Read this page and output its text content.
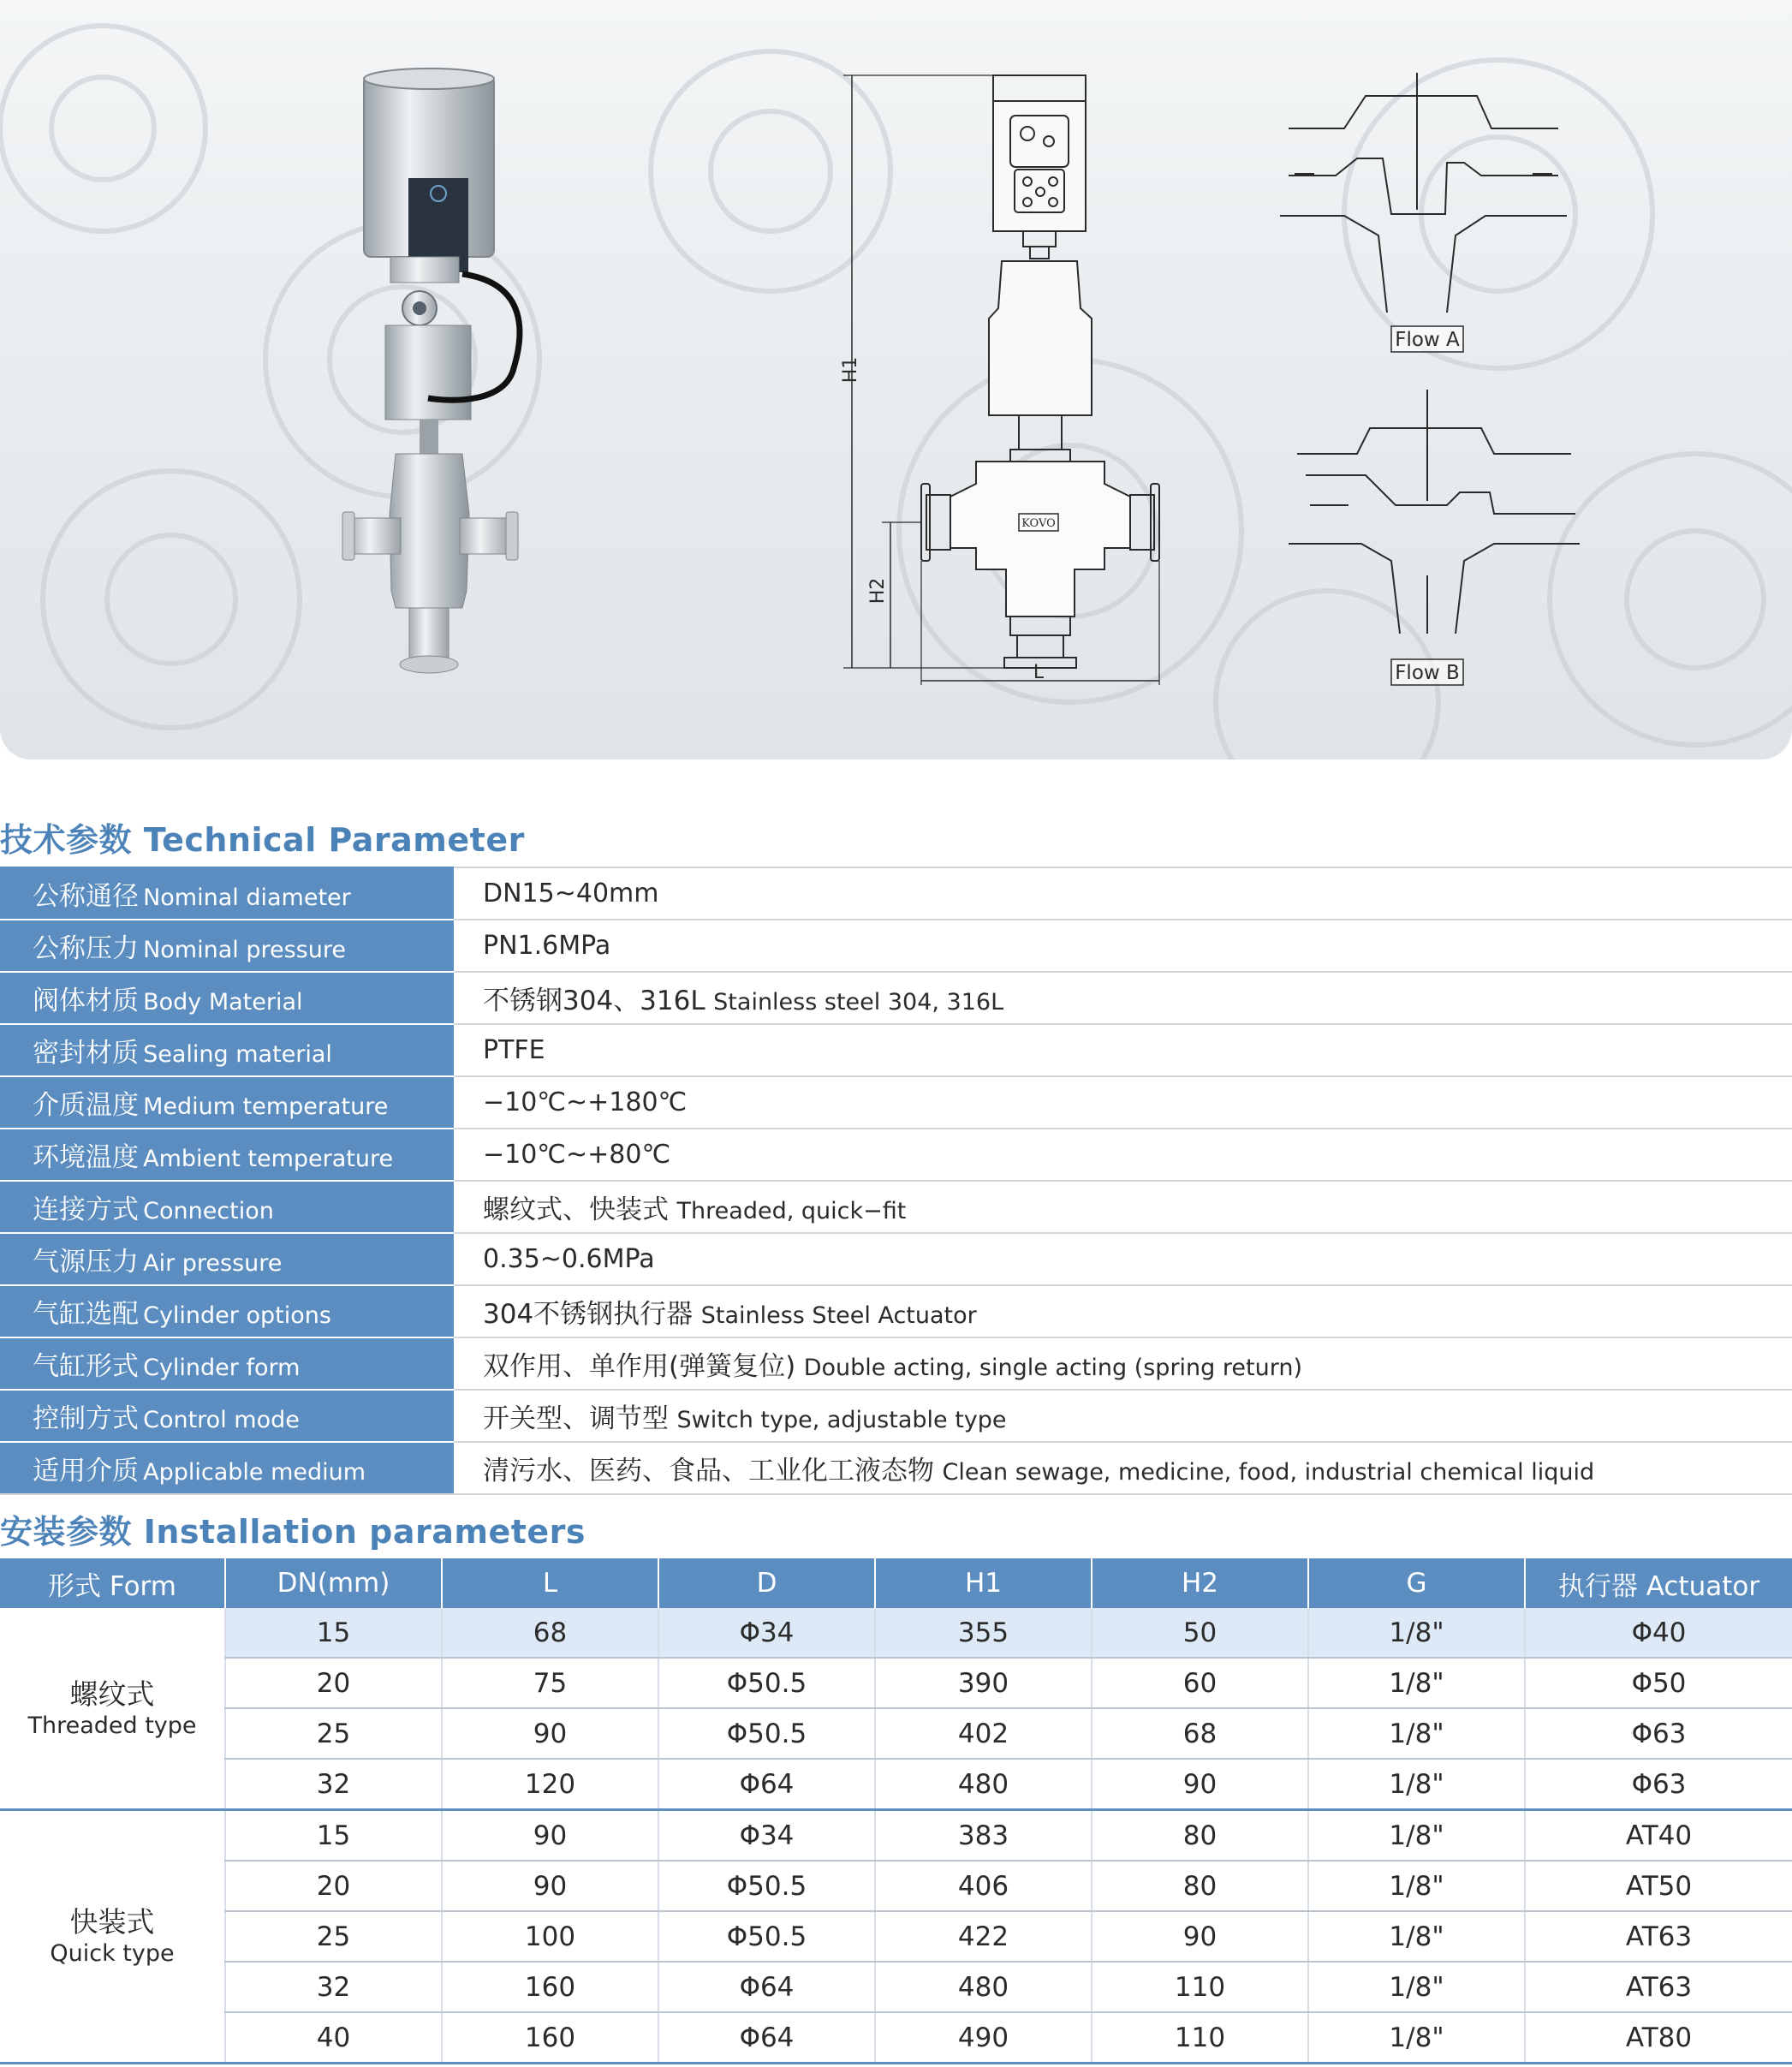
KOVO
H1
H2
L
Flow A
Flow B
技术参数 Technical Parameter
公称通径 Nominal diameter	DN15~40mm
公称压力 Nominal pressure	PN1.6MPa
阀体材质 Body Material	不锈钢304、316L Stainless steel 304, 316L
密封材质 Sealing material	PTFE
介质温度 Medium temperature	−10℃~+180℃
环境温度 Ambient temperature	−10℃~+80℃
连接方式 Connection	螺纹式、快装式 Threaded, quick−fit
气源压力 Air pressure	0.35~0.6MPa
气缸选配 Cylinder options	304不锈钢执行器 Stainless Steel Actuator
气缸形式 Cylinder form	双作用、单作用(弹簧复位) Double acting, single acting (spring return)
控制方式 Control mode	开关型、调节型 Switch type, adjustable type
适用介质 Applicable medium	清污水、医药、食品、工业化工液态物 Clean sewage, medicine, food, industrial chemical liquid
安装参数 Installation parameters
形式 Form	DN(mm)	L	D	H1	H2	G	执行器 Actuator

螺纹式
Threaded type	15	68	Φ34	355	50	1/8"	Φ40
	20	75	Φ50.5	390	60	1/8"	Φ50
	25	90	Φ50.5	402	68	1/8"	Φ63
	32	120	Φ64	480	90	1/8"	Φ63

快装式
Quick type	15	90	Φ34	383	80	1/8"	AT40
	20	90	Φ50.5	406	80	1/8"	AT50
	25	100	Φ50.5	422	90	1/8"	AT63
	32	160	Φ64	480	110	1/8"	AT63
	40	160	Φ64	490	110	1/8"	AT80
